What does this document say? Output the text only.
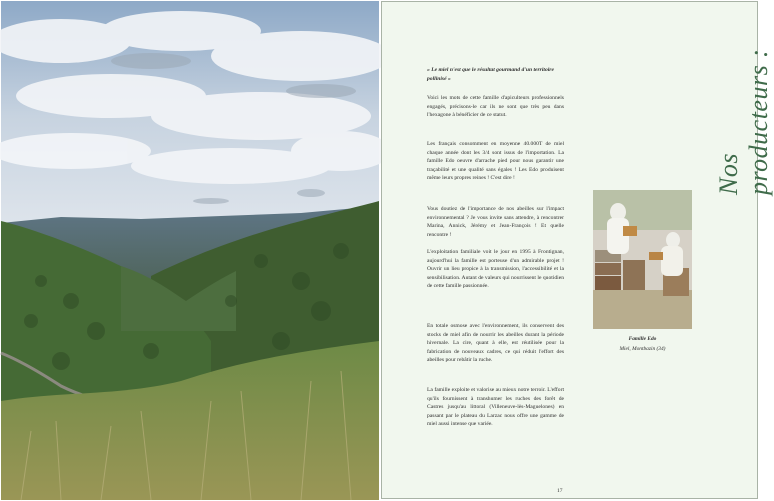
« Le miel n'est que le résultat gourmand d'un territoire pollinisé »

Voici les mots de cette famille d'apiculteurs professionnels engagés, précisons-le car ils ne sont que très peu dans l'hexagone à bénéficier de ce statut.

Les français consomment en moyenne 40.000T de miel chaque année dont les 3/4 sont issus de l'importation. La famille Edo oeuvre d'arrache pied pour nous garantir une traçabilité et une qualité sans égales ! Les Edo produisent même leurs propres reines ! C'est dire !

Vous doutiez de l'importance de nos abeilles sur l'impact environnemental ? Je vous invite sans attendre, à rencontrer Marina, Annick, Jérémy et Jean-François ! Et quelle rencontre !

L'exploitation familiale voit le jour en 1995 à Frontignan, aujourd'hui la famille est porteuse d'un admirable projet ! Ouvrir un lieu propice à la transmission, l'accessibilité et la sensibilisation. Autant de valeurs qui nourrissent le quotidien de cette famille passionnée.

En totale osmose avec l'environnement, ils conservent des stocks de miel afin de nourrir les abeilles durant la période hivernale. La cire, quant à elle, est réutilisée pour la fabrication de nouveaux cadres, ce qui réduit l'effort des abeilles pour rebâtir la ruche.

La famille exploite et valorise au mieux notre terroir. L'effort qu'ils fournissent à transhumer les ruches des forêt de Castres jusqu'au littoral (Villeneuve-lès-Maguelones) en passant par le plateau du Larzac nous offre une gamme de miel aussi intense que variée.

Nos producteurs :
Famille Edo
Miel, Montbazin (34)
17
